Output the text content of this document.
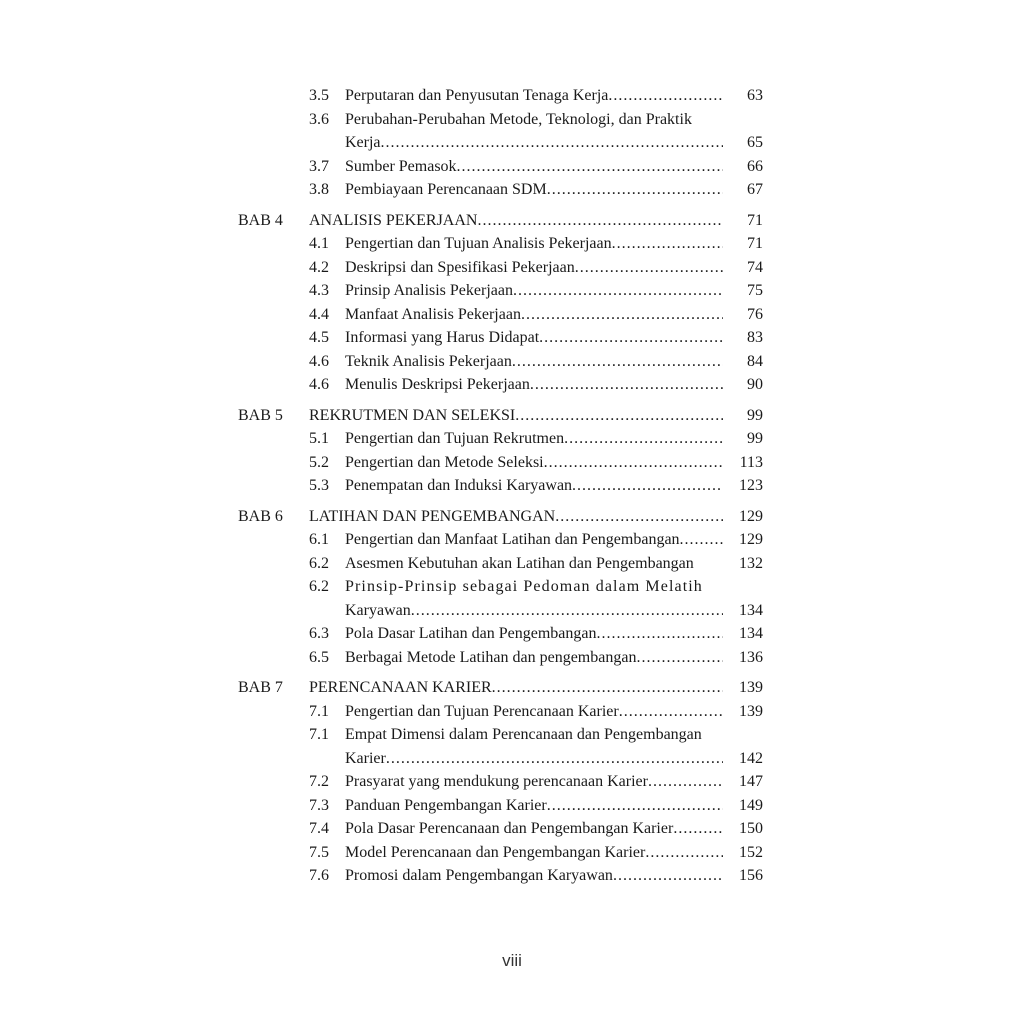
3.5 Perputaran dan Penyusutan Tenaga Kerja .....	63
3.6 Perubahan-Perubahan Metode, Teknologi, dan Praktik
Kerja .....	65
3.7 Sumber Pemasok .....	66
3.8 Pembiayaan Perencanaan SDM .....	67
BAB 4 ANALISIS PEKERJAAN .....	71
4.1 Pengertian dan Tujuan Analisis Pekerjaan .....	71
4.2 Deskripsi dan Spesifikasi Pekerjaan .....	74
4.3 Prinsip Analisis Pekerjaan .....	75
4.4 Manfaat Analisis Pekerjaan .....	76
4.5 Informasi yang Harus Didapat .....	83
4.6 Teknik Analisis Pekerjaan .....	84
4.6 Menulis Deskripsi Pekerjaan .....	90
BAB 5 REKRUTMEN DAN SELEKSI .....	99
5.1 Pengertian dan Tujuan Rekrutmen .....	99
5.2 Pengertian dan Metode Seleksi .....	113
5.3 Penempatan dan Induksi Karyawan .....	123
BAB 6 LATIHAN DAN PENGEMBANGAN .....	129
6.1 Pengertian dan Manfaat Latihan dan Pengembangan .....	129
6.2 Asesmen Kebutuhan akan Latihan dan Pengembangan	132
6.2 Prinsip-Prinsip sebagai Pedoman dalam Melatih
Karyawan .....	134
6.3 Pola Dasar Latihan dan Pengembangan .....	134
6.5 Berbagai Metode Latihan dan pengembangan .....	136
BAB 7 PERENCANAAN KARIER .....	139
7.1 Pengertian dan Tujuan Perencanaan Karier .....	139
7.1 Empat Dimensi dalam Perencanaan dan Pengembangan
Karier .....	142
7.2 Prasyarat yang mendukung perencanaan Karier .....	147
7.3 Panduan Pengembangan Karier .....	149
7.4 Pola Dasar Perencanaan dan Pengembangan Karier .....	150
7.5 Model Perencanaan dan Pengembangan Karier .....	152
7.6 Promosi dalam Pengembangan Karyawan .....	156
viii
